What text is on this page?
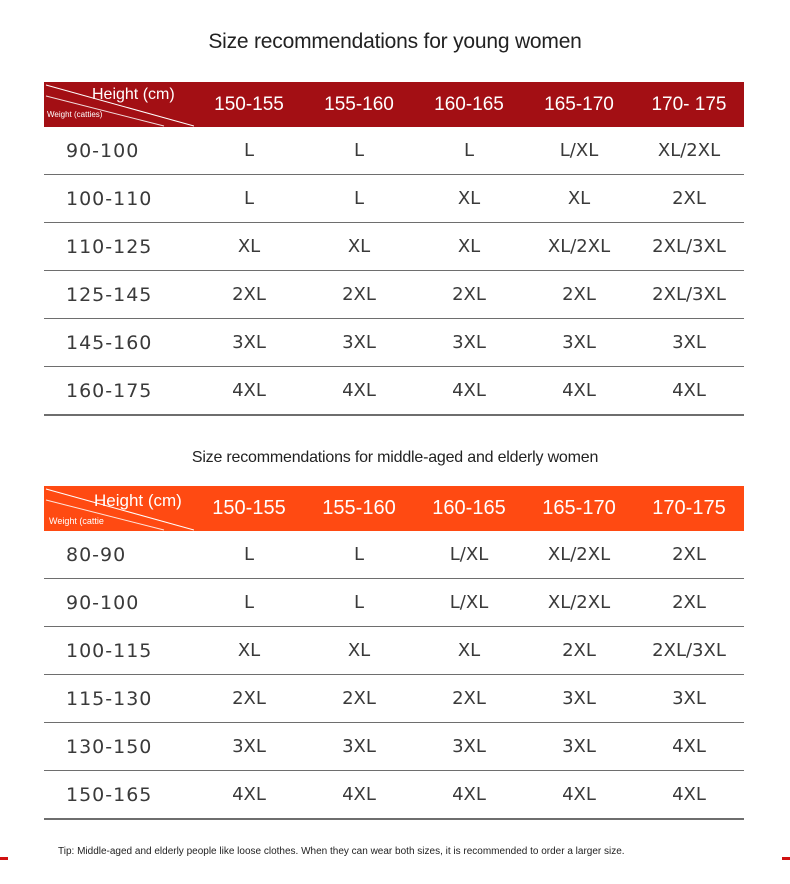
Size recommendations for young women
Height (cm)
Weight (catties)	150-155	155-160	160-165	165-170	170- 175
90-100	L	L	L	L/XL	XL/2XL
100-110	L	L	XL	XL	2XL
110-125	XL	XL	XL	XL/2XL	2XL/3XL
125-145	2XL	2XL	2XL	2XL	2XL/3XL
145-160	3XL	3XL	3XL	3XL	3XL
160-175	4XL	4XL	4XL	4XL	4XL
Size recommendations for middle-aged and elderly women
Height (cm)
Weight (cattie
150-155	155-160	160-165	165-170	170-175
80-90	L	L	L/XL	XL/2XL	2XL
90-100	L	L	L/XL	XL/2XL	2XL
100-115	XL	XL	XL	2XL	2XL/3XL
115-130	2XL	2XL	2XL	3XL	3XL
130-150	3XL	3XL	3XL	3XL	4XL
150-165	4XL	4XL	4XL	4XL	4XL
Tip: Middle-aged and elderly people like loose clothes. When they can wear both sizes, it is recommended to order a larger size.
